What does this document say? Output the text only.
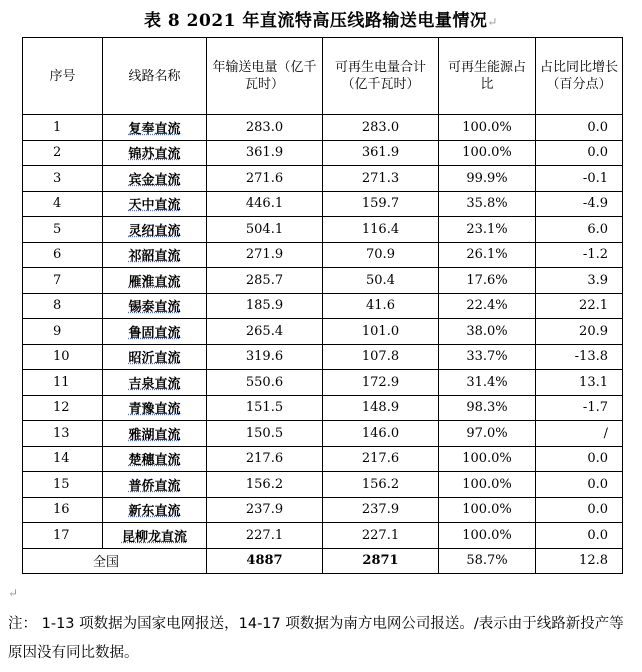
表 8 2021 年直流特高压线路输送电量情况↵
序号	线路名称	年输送电量（亿千瓦时）	可再生电量合计（亿千瓦时）	可再生能源占比	占比同比增长（百分点）
1	复奉直流	283.0	283.0	100.0%	0.0
2	锦苏直流	361.9	361.9	100.0%	0.0
3	宾金直流	271.6	271.3	99.9%	-0.1
4	天中直流	446.1	159.7	35.8%	-4.9
5	灵绍直流	504.1	116.4	23.1%	6.0
6	祁韶直流	271.9	70.9	26.1%	-1.2
7	雁淮直流	285.7	50.4	17.6%	3.9
8	锡泰直流	185.9	41.6	22.4%	22.1
9	鲁固直流	265.4	101.0	38.0%	20.9
10	昭沂直流	319.6	107.8	33.7%	-13.8
11	吉泉直流	550.6	172.9	31.4%	13.1
12	青豫直流	151.5	148.9	98.3%	-1.7
13	雅湖直流	150.5	146.0	97.0%	/
14	楚穗直流	217.6	217.6	100.0%	0.0
15	普侨直流	156.2	156.2	100.0%	0.0
16	新东直流	237.9	237.9	100.0%	0.0
17	昆柳龙直流	227.1	227.1	100.0%	0.0
全国		4887	2871	58.7%	12.8
↵
注： 1-13 项数据为国家电网报送，14-17 项数据为南方电网公司报送。/表示由于线路新投产等原因没有同比数据。
